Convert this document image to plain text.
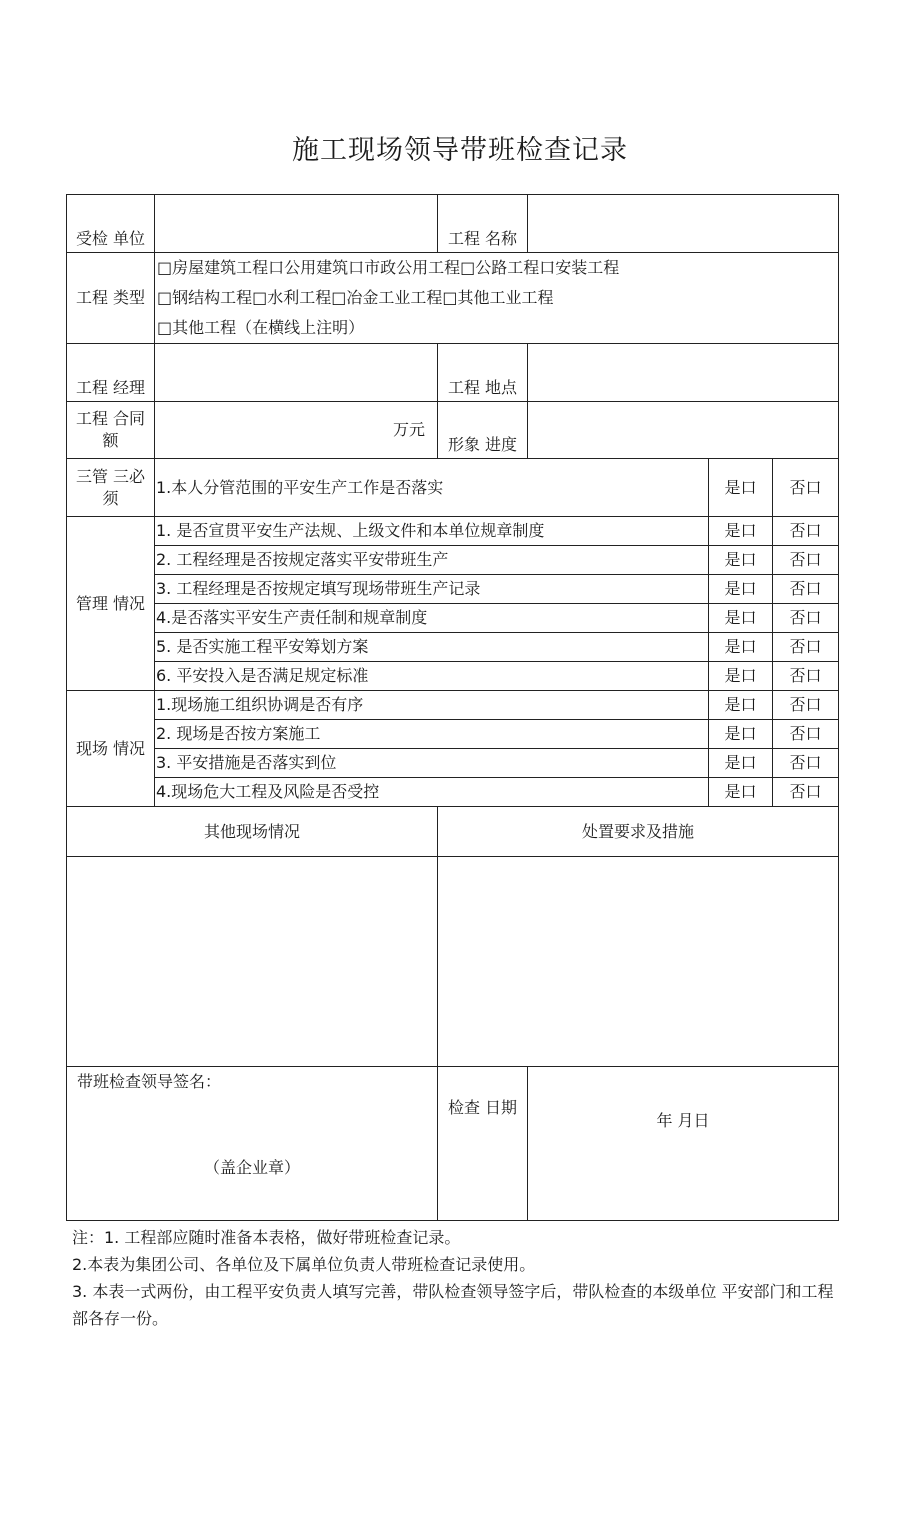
施工现场领导带班检查记录
受检 单位		工程 名称			
工程 类型	□房屋建筑工程口公用建筑口市政公用工程□公路工程口安装工程
□钢结构工程□水利工程□冶金工业工程□其他工业工程
□其他工程（在横线上注明）				

工程 经理		工程 地点			
工程 合同额	万元	形象 进度			
三管 三必须	1.本人分管范围的平安生产工作是否落实			是口	否口
管理 情况	1. 是否宣贯平安生产法规、上级文件和本单位规章制度			是口	否口
	2. 工程经理是否按规定落实平安带班生产			是口	否口
	3. 工程经理是否按规定填写现场带班生产记录			是口	否口
	4.是否落实平安生产责任制和规章制度			是口	否口
	5. 是否实施工程平安筹划方案			是口	否口
	6. 平安投入是否满足规定标准			是口	否口
现场 情况	1.现场施工组织协调是否有序			是口	否口
	2. 现场是否按方案施工			是口	否口
	3. 平安措施是否落实到位			是口	否口
	4.现场危大工程及风险是否受控			是口	否口
其他现场情况		处置要求及措施			

带班检查领导签名：
（盖企业章）		检查 日期	年 月日		

注：1. 工程部应随时准备本表格，做好带班检查记录。

2.本表为集团公司、各单位及下属单位负责人带班检查记录使用。

3. 本表一式两份，由工程平安负责人填写完善，带队检查领导签字后，带队检查的本级单位 平安部门和工程部各存一份。
